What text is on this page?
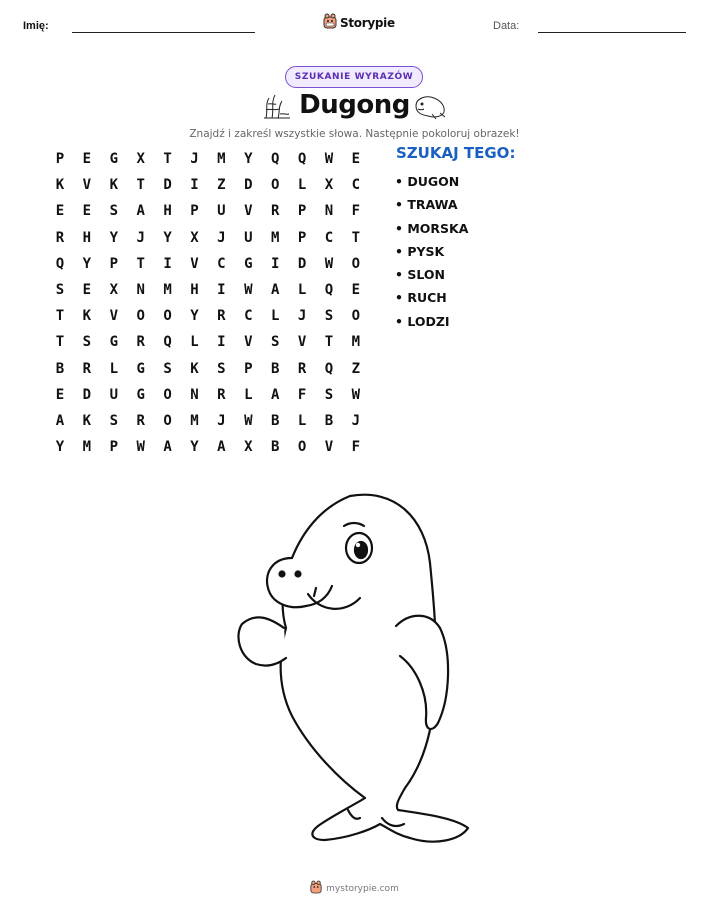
Imię:	Storypie	Data:
SZUKANIE WYRAZÓW
Dugong
Znajdź i zakreśl wszystkie słowa. Następnie pokoloruj obrazek!
P	E	G	X	T	J	M	Y	Q	Q	W	E
K	V	K	T	D	I	Z	D	O	L	X	C
E	E	S	A	H	P	U	V	R	P	N	F
R	H	Y	J	Y	X	J	U	M	P	C	T
Q	Y	P	T	I	V	C	G	I	D	W	O
S	E	X	N	M	H	I	W	A	L	Q	E
T	K	V	O	O	Y	R	C	L	J	S	O
T	S	G	R	Q	L	I	V	S	V	T	M
B	R	L	G	S	K	S	P	B	R	Q	Z
E	D	U	G	O	N	R	L	A	F	S	W
A	K	S	R	O	M	J	W	B	L	B	J
Y	M	P	W	A	Y	A	X	B	O	V	F
SZUKAJ TEGO:
• DUGON
• TRAWA
• MORSKA
• PYSK
• SLON
• RUCH
• LODZI
mystorypie.com
